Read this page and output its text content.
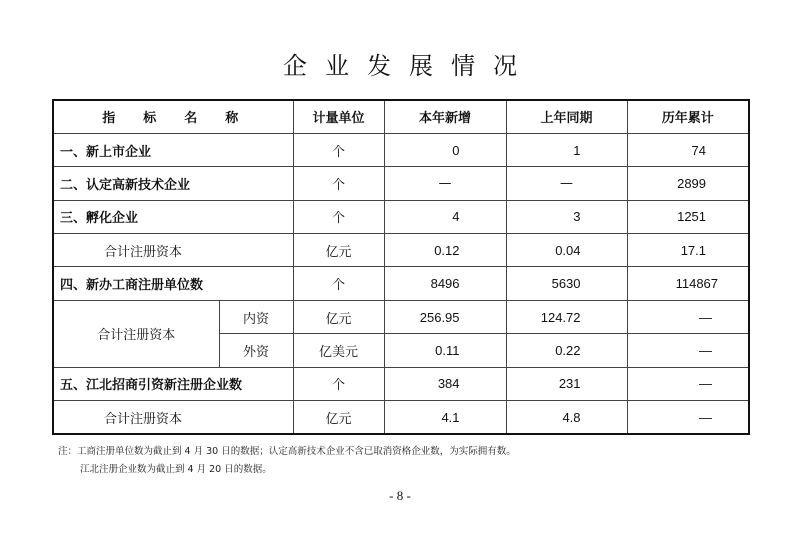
企业发展情况
指标名称		计量单位	本年新增	上年同期	历年累计
一、新上市企业		个	0	1	74
二、认定高新技术企业		个	—	—	2899
三、孵化企业		个	4	3	1251
合计注册资本		亿元	0.12	0.04	17.1
四、新办工商注册单位数		个	8496	5630	114867
合计注册资本	内资	亿元	256.95	124.72	—
	外资	亿美元	0.11	0.22	—
五、江北招商引资新注册企业数		个	384	231	—
合计注册资本		亿元	4.1	4.8	—
注：工商注册单位数为截止到 4 月 30 日的数据；认定高新技术企业不含已取消资格企业数，为实际拥有数。
江北注册企业数为截止到 4 月 20 日的数据。
- 8 -
